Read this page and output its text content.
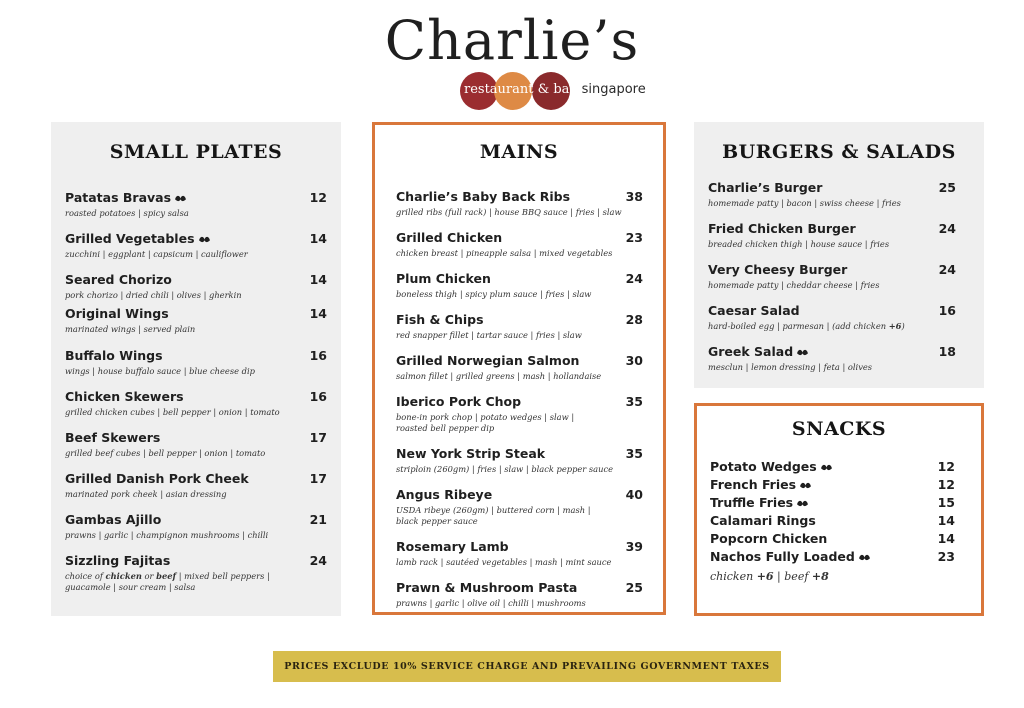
Charlie’s
restaurant & bar singapore
SMALL PLATES
Patatas Bravas	12
roasted potatoes | spicy salsa
Grilled Vegetables	14
zucchini | eggplant | capsicum | cauliflower
Seared Chorizo	14
pork chorizo | dried chili | olives | gherkin
Original Wings	14
marinated wings | served plain
Buffalo Wings	16
wings | house buffalo sauce | blue cheese dip
Chicken Skewers	16
grilled chicken cubes | bell pepper | onion | tomato
Beef Skewers	17
grilled beef cubes | bell pepper | onion | tomato
Grilled Danish Pork Cheek	17
marinated pork cheek | asian dressing
Gambas Ajillo	21
prawns | garlic | champignon mushrooms | chilli
Sizzling Fajitas	24
choice of chicken or beef | mixed bell peppers |
guacamole | sour cream | salsa
MAINS
Charlie’s Baby Back Ribs	38
grilled ribs (full rack) | house BBQ sauce | fries | slaw
Grilled Chicken	23
chicken breast | pineapple salsa | mixed vegetables
Plum Chicken	24
boneless thigh | spicy plum sauce | fries | slaw
Fish & Chips	28
red snapper fillet | tartar sauce | fries | slaw
Grilled Norwegian Salmon	30
salmon fillet | grilled greens | mash | hollandaise
Iberico Pork Chop	35
bone-in pork chop | potato wedges | slaw |
roasted bell pepper dip
New York Strip Steak	35
striploin (260gm) | fries | slaw | black pepper sauce
Angus Ribeye	40
USDA ribeye (260gm) | buttered corn | mash |
black pepper sauce
Rosemary Lamb	39
lamb rack | sautéed vegetables | mash | mint sauce
Prawn & Mushroom Pasta	25
prawns | garlic | olive oil | chilli | mushrooms
BURGERS & SALADS
Charlie’s Burger	25
homemade patty | bacon | swiss cheese | fries
Fried Chicken Burger	24
breaded chicken thigh | house sauce | fries
Very Cheesy Burger	24
homemade patty | cheddar cheese | fries
Caesar Salad	16
hard-boiled egg | parmesan | (add chicken +6)
Greek Salad	18
mesclun | lemon dressing | feta | olives
SNACKS
Potato Wedges	12
French Fries	12
Truffle Fries	15
Calamari Rings	14
Popcorn Chicken	14
Nachos Fully Loaded	23
chicken +6 | beef +8
PRICES EXCLUDE 10% SERVICE CHARGE AND PREVAILING GOVERNMENT TAXES
